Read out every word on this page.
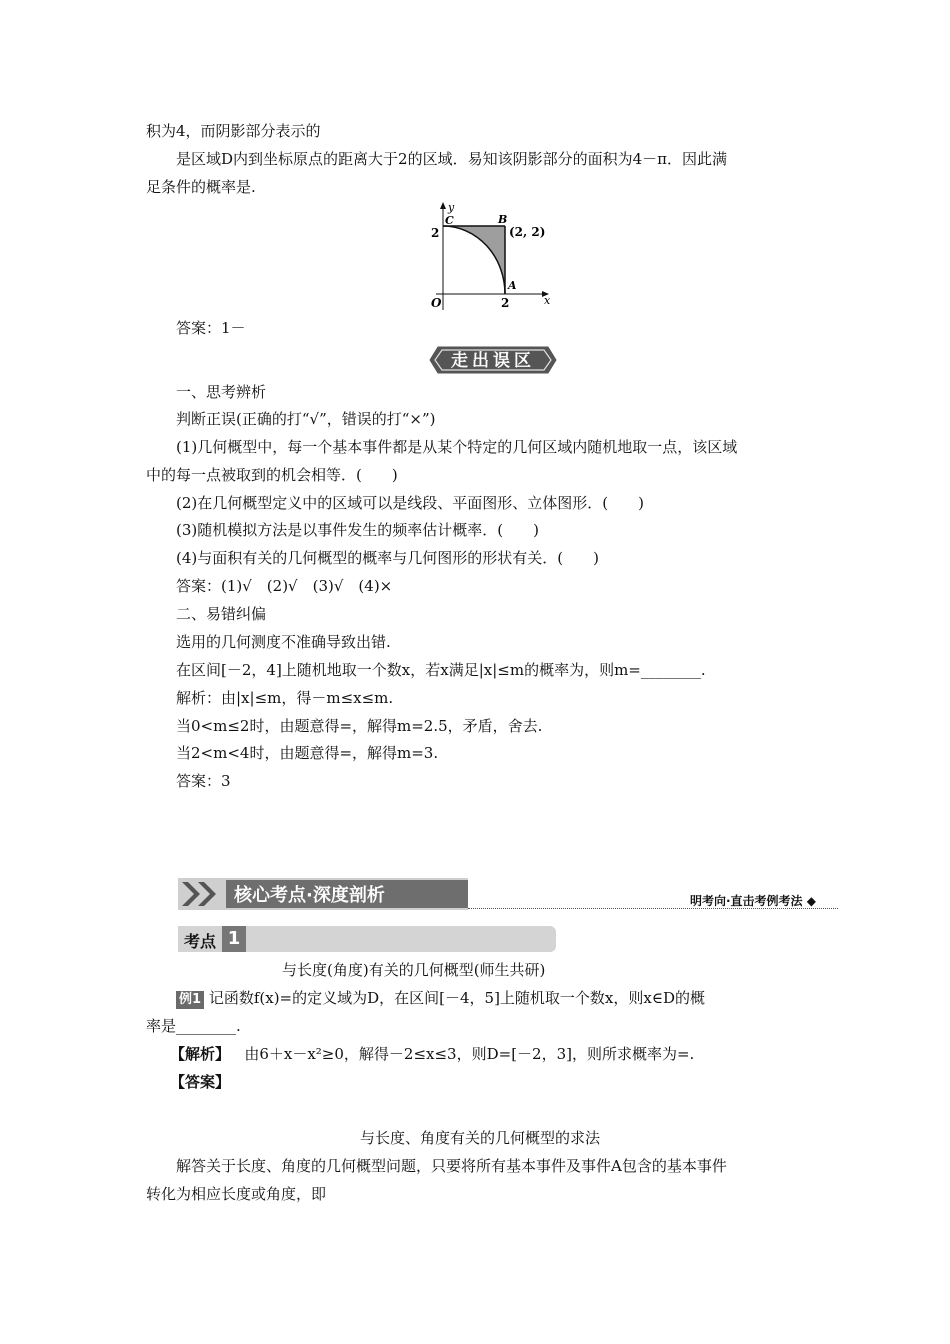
积为4，而阴影部分表示的
是区域D内到坐标原点的距离大于2的区域．易知该阴影部分的面积为4－π．因此满
足条件的概率是.
y
x
O
2
2
C	B
(2, 2)
A
答案：1－
走出误区
一、思考辨析
判断正误(正确的打“√”，错误的打“×”)
(1)几何概型中，每一个基本事件都是从某个特定的几何区域内随机地取一点，该区域
中的每一点被取到的机会相等．(　　)
(2)在几何概型定义中的区域可以是线段、平面图形、立体图形．(　　)
(3)随机模拟方法是以事件发生的频率估计概率．(　　)
(4)与面积有关的几何概型的概率与几何图形的形状有关．(　　)
答案：(1)√　(2)√　(3)√　(4)×
二、易错纠偏
选用的几何测度不准确导致出错.
在区间[－2，4]上随机地取一个数x，若x满足|x|≤m的概率为，则m=________.
解析：由|x|≤m，得－m≤x≤m.
当0<m≤2时，由题意得=，解得m=2.5，矛盾，舍去.
当2<m<4时，由题意得=，解得m=3.
答案：3
核心考点·深度剖析	明考向·直击考例考法 ◆
考点 1
与长度(角度)有关的几何概型(师生共研)
例1 记函数f(x)=的定义域为D，在区间[－4，5]上随机取一个数x，则x∈D的概
率是________.
【解析】 由6＋x－x²≥0，解得－2≤x≤3，则D=[－2，3]，则所求概率为=.
【答案】
与长度、角度有关的几何概型的求法
解答关于长度、角度的几何概型问题，只要将所有基本事件及事件A包含的基本事件
转化为相应长度或角度，即
